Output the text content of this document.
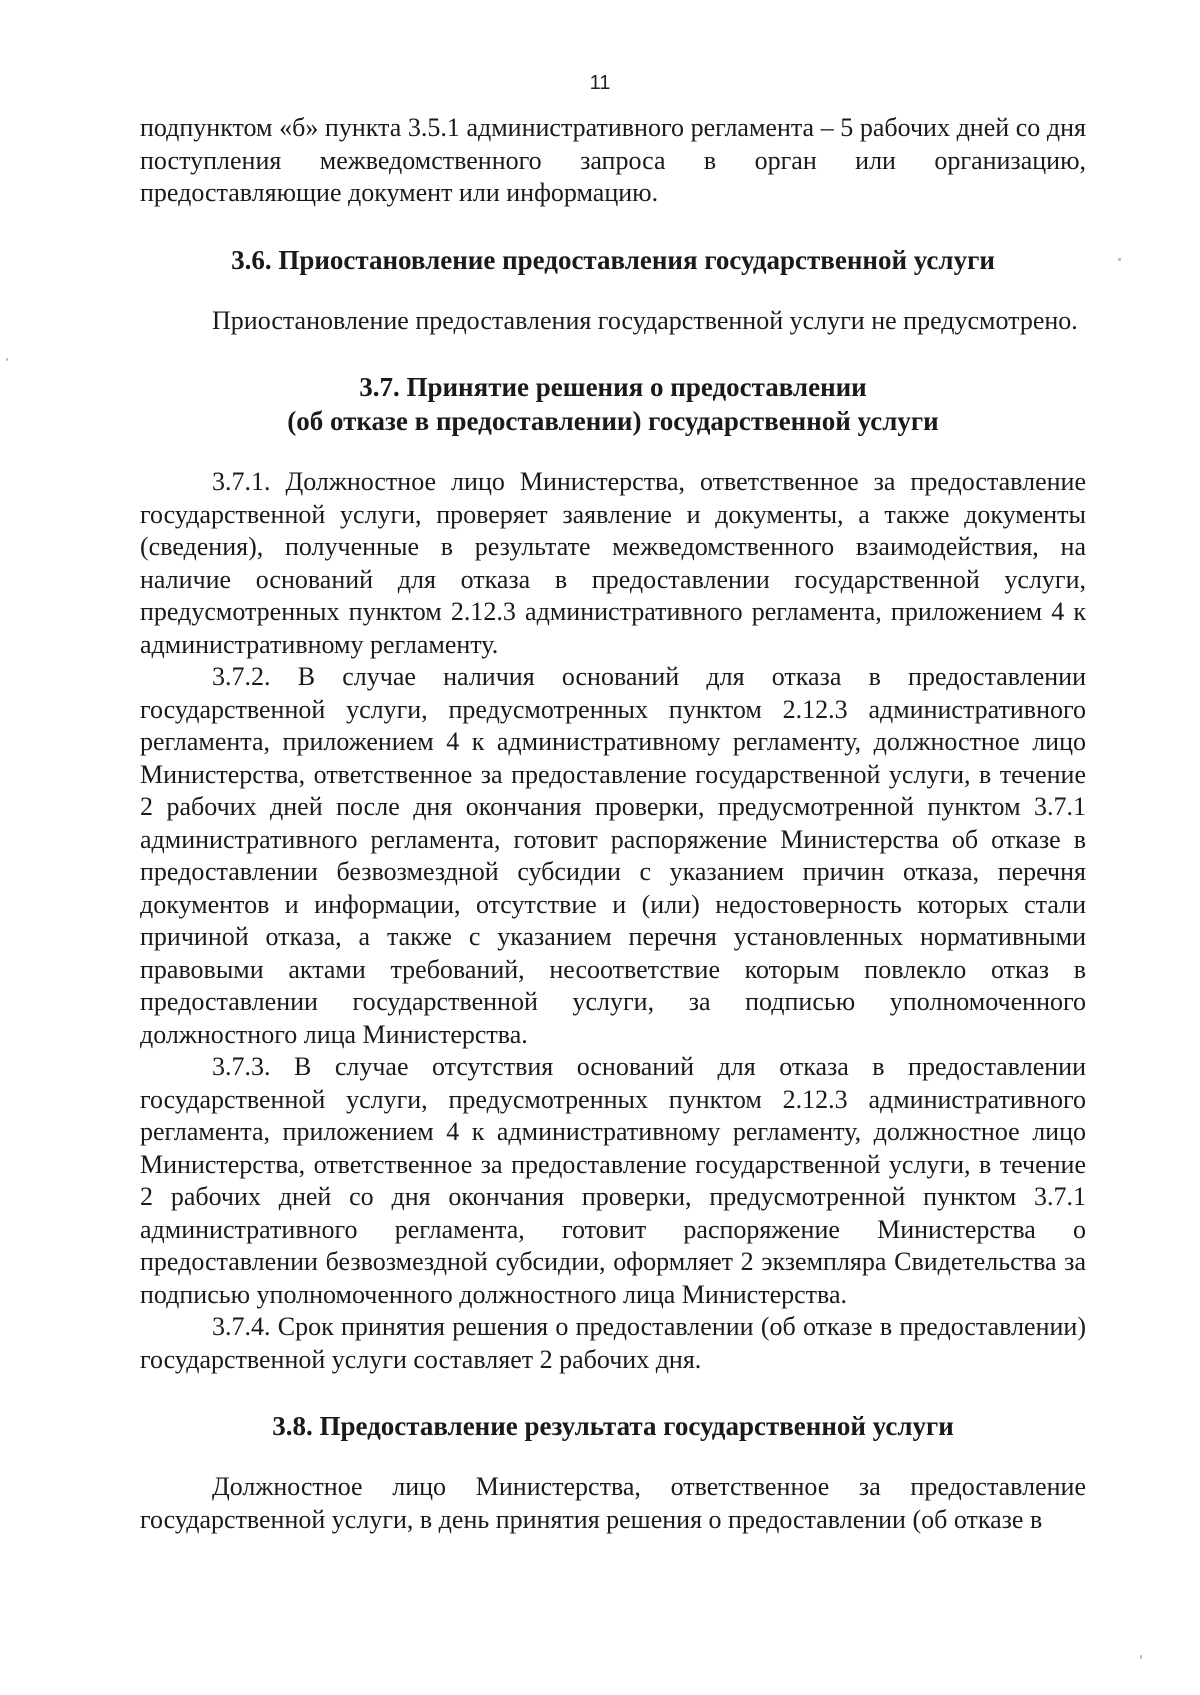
11

подпунктом «б» пункта 3.5.1 административного регламента – 5 рабочих дней со дня поступления межведомственного запроса в орган или организацию, предоставляющие документ или информацию.

3.6. Приостановление предоставления государственной услуги

Приостановление предоставления государственной услуги не предусмотрено.

3.7. Принятие решения о предоставлении
(об отказе в предоставлении) государственной услуги

3.7.1. Должностное лицо Министерства, ответственное за предоставление государственной услуги, проверяет заявление и документы, а также документы (сведения), полученные в результате межведомственного взаимодействия, на наличие оснований для отказа в предоставлении государственной услуги, предусмотренных пунктом 2.12.3 административного регламента, приложением 4 к административному регламенту.

3.7.2. В случае наличия оснований для отказа в предоставлении государственной услуги, предусмотренных пунктом 2.12.3 административного регламента, приложением 4 к административному регламенту, должностное лицо Министерства, ответственное за предоставление государственной услуги, в течение 2 рабочих дней после дня окончания проверки, предусмотренной пунктом 3.7.1 административного регламента, готовит распоряжение Министерства об отказе в предоставлении безвозмездной субсидии с указанием причин отказа, перечня документов и информации, отсутствие и (или) недостоверность которых стали причиной отказа, а также с указанием перечня установленных нормативными правовыми актами требований, несоответствие которым повлекло отказ в предоставлении государственной услуги, за подписью уполномоченного должностного лица Министерства.

3.7.3. В случае отсутствия оснований для отказа в предоставлении государственной услуги, предусмотренных пунктом 2.12.3 административного регламента, приложением 4 к административному регламенту, должностное лицо Министерства, ответственное за предоставление государственной услуги, в течение 2 рабочих дней со дня окончания проверки, предусмотренной пунктом 3.7.1 административного регламента, готовит распоряжение Министерства о предоставлении безвозмездной субсидии, оформляет 2 экземпляра Свидетельства за подписью уполномоченного должностного лица Министерства.

3.7.4. Срок принятия решения о предоставлении (об отказе в предоставлении) государственной услуги составляет 2 рабочих дня.

3.8. Предоставление результата государственной услуги

Должностное лицо Министерства, ответственное за предоставление государственной услуги, в день принятия решения о предоставлении (об отказе в
